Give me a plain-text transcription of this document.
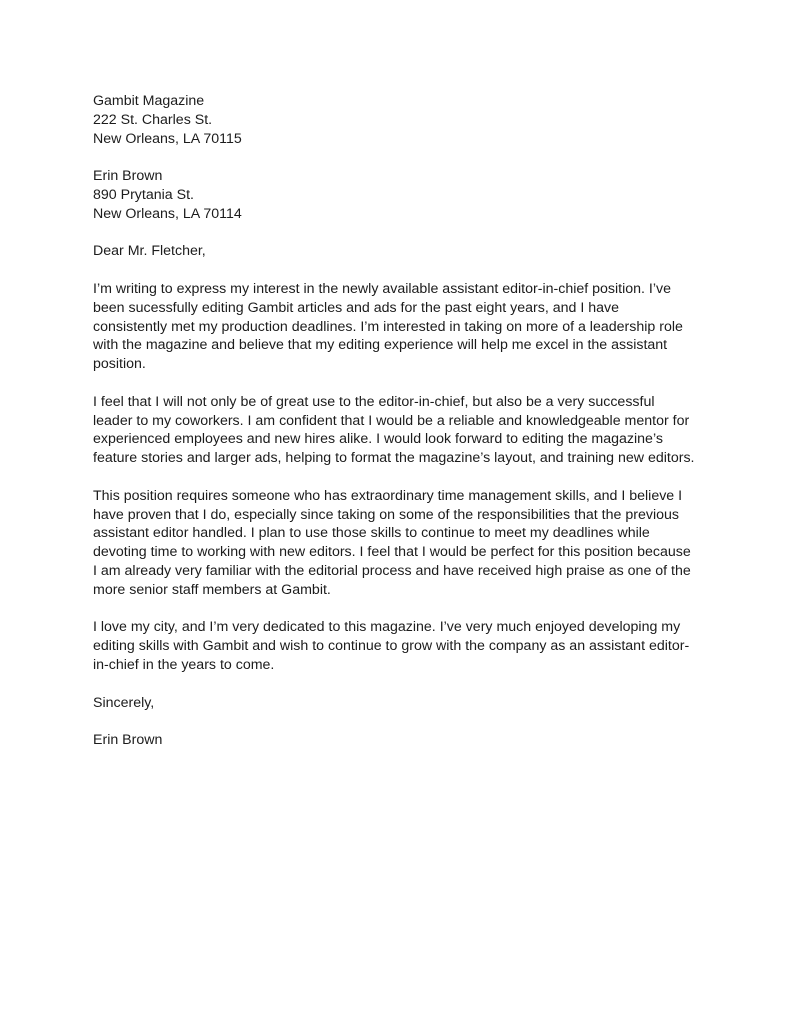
Gambit Magazine
222 St. Charles St.
New Orleans, LA 70115
Erin Brown
890 Prytania St.
New Orleans, LA 70114
Dear Mr. Fletcher,
I’m writing to express my interest in the newly available assistant editor-in-chief position. I’ve
been sucessfully editing Gambit articles and ads for the past eight years, and I have
consistently met my production deadlines. I’m interested in taking on more of a leadership role
with the magazine and believe that my editing experience will help me excel in the assistant
position.
I feel that I will not only be of great use to the editor-in-chief, but also be a very successful
leader to my coworkers. I am confident that I would be a reliable and knowledgeable mentor for
experienced employees and new hires alike. I would look forward to editing the magazine’s
feature stories and larger ads, helping to format the magazine’s layout, and training new editors.
This position requires someone who has extraordinary time management skills, and I believe I
have proven that I do, especially since taking on some of the responsibilities that the previous
assistant editor handled. I plan to use those skills to continue to meet my deadlines while
devoting time to working with new editors. I feel that I would be perfect for this position because
I am already very familiar with the editorial process and have received high praise as one of the
more senior staff members at Gambit.
I love my city, and I’m very dedicated to this magazine. I’ve very much enjoyed developing my
editing skills with Gambit and wish to continue to grow with the company as an assistant editor-
in-chief in the years to come.
Sincerely,
Erin Brown
